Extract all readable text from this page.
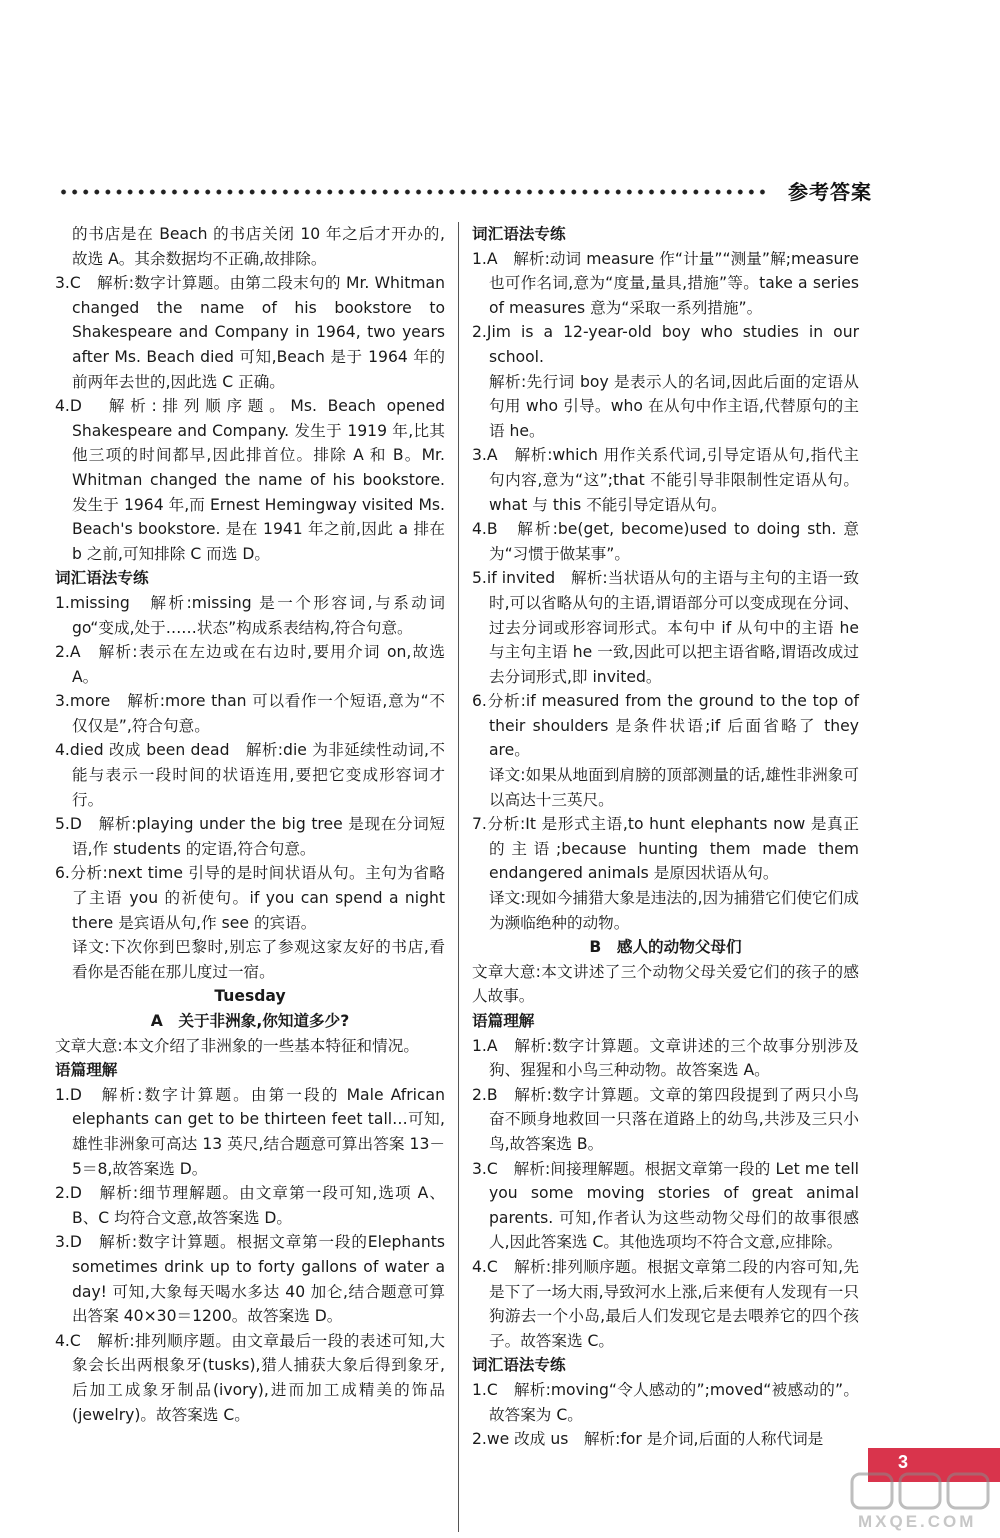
参考答案
的书店是在 Beach 的书店关闭 10 年之后才开办的,故选 A。其余数据均不正确,故排除。
3.C　解析:数字计算题。由第二段末句的 Mr. Whitman changed the name of his bookstore to Shakespeare and Company in 1964, two years after Ms. Beach died 可知,Beach 是于 1964 年的前两年去世的,因此选 C 正确。
4.D　解析:排列顺序题。Ms. Beach opened Shakespeare and Company. 发生于 1919 年,比其他三项的时间都早,因此排首位。排除 A 和 B。Mr. Whitman changed the name of his bookstore. 发生于 1964 年,而 Ernest Hemingway visited Ms. Beach's bookstore. 是在 1941 年之前,因此 a 排在 b 之前,可知排除 C 而选 D。
词汇语法专练
1.missing　解析:missing 是一个形容词,与系动词 go“变成,处于……状态”构成系表结构,符合句意。
2.A　解析:表示在左边或在右边时,要用介词 on,故选 A。
3.more　解析:more than 可以看作一个短语,意为“不仅仅是”,符合句意。
4.died 改成 been dead　解析:die 为非延续性动词,不能与表示一段时间的状语连用,要把它变成形容词才行。
5.D　解析:playing under the big tree 是现在分词短语,作 students 的定语,符合句意。
6.分析:next time 引导的是时间状语从句。主句为省略了主语 you 的祈使句。if you can spend a night there 是宾语从句,作 see 的宾语。
译文:下次你到巴黎时,别忘了参观这家友好的书店,看看你是否能在那儿度过一宿。
Tuesday
A　关于非洲象,你知道多少?
文章大意:本文介绍了非洲象的一些基本特征和情况。
语篇理解
1.D　解析:数字计算题。由第一段的 Male African elephants can get to be thirteen feet tall…可知,雄性非洲象可高达 13 英尺,结合题意可算出答案 13－5＝8,故答案选 D。
2.D　解析:细节理解题。由文章第一段可知,选项 A、B、C 均符合文意,故答案选 D。
3.D　解析:数字计算题。根据文章第一段的Elephants sometimes drink up to forty gallons of water a day! 可知,大象每天喝水多达 40 加仑,结合题意可算出答案 40×30＝1200。故答案选 D。
4.C　解析:排列顺序题。由文章最后一段的表述可知,大象会长出两根象牙(tusks),猎人捕获大象后得到象牙,后加工成象牙制品(ivory),进而加工成精美的饰品(jewelry)。故答案选 C。
词汇语法专练
1.A　解析:动词 measure 作“计量”“测量”解;measure 也可作名词,意为“度量,量具,措施”等。take a series of measures 意为“采取一系列措施”。
2.Jim is a 12-year-old boy who studies in our school.
解析:先行词 boy 是表示人的名词,因此后面的定语从句用 who 引导。who 在从句中作主语,代替原句的主语 he。
3.A　解析:which 用作关系代词,引导定语从句,指代主句内容,意为“这”;that 不能引导非限制性定语从句。what 与 this 不能引导定语从句。
4.B　解析:be(get, become)used to doing sth. 意为“习惯于做某事”。
5.if invited　解析:当状语从句的主语与主句的主语一致时,可以省略从句的主语,谓语部分可以变成现在分词、过去分词或形容词形式。本句中 if 从句中的主语 he 与主句主语 he 一致,因此可以把主语省略,谓语改成过去分词形式,即 invited。
6.分析:if measured from the ground to the top of their shoulders 是条件状语;if 后面省略了 they are。
译文:如果从地面到肩膀的顶部测量的话,雄性非洲象可以高达十三英尺。
7.分析:It 是形式主语,to hunt elephants now 是真正的主语;because hunting them made them endangered animals 是原因状语从句。
译文:现如今捕猎大象是违法的,因为捕猎它们使它们成为濒临绝种的动物。
B　感人的动物父母们
文章大意:本文讲述了三个动物父母关爱它们的孩子的感人故事。
语篇理解
1.A　解析:数字计算题。文章讲述的三个故事分别涉及狗、猩猩和小鸟三种动物。故答案选 A。
2.B　解析:数字计算题。文章的第四段提到了两只小鸟奋不顾身地救回一只落在道路上的幼鸟,共涉及三只小鸟,故答案选 B。
3.C　解析:间接理解题。根据文章第一段的 Let me tell you some moving stories of great animal parents. 可知,作者认为这些动物父母们的故事很感人,因此答案选 C。其他选项均不符合文意,应排除。
4.C　解析:排列顺序题。根据文章第二段的内容可知,先是下了一场大雨,导致河水上涨,后来便有人发现有一只狗游去一个小岛,最后人们发现它是去喂养它的四个孩子。故答案选 C。
词汇语法专练
1.C　解析:moving“令人感动的”;moved“被感动的”。故答案为 C。
2.we 改成 us　解析:for 是介词,后面的人称代词是
3
MXQE.COM
